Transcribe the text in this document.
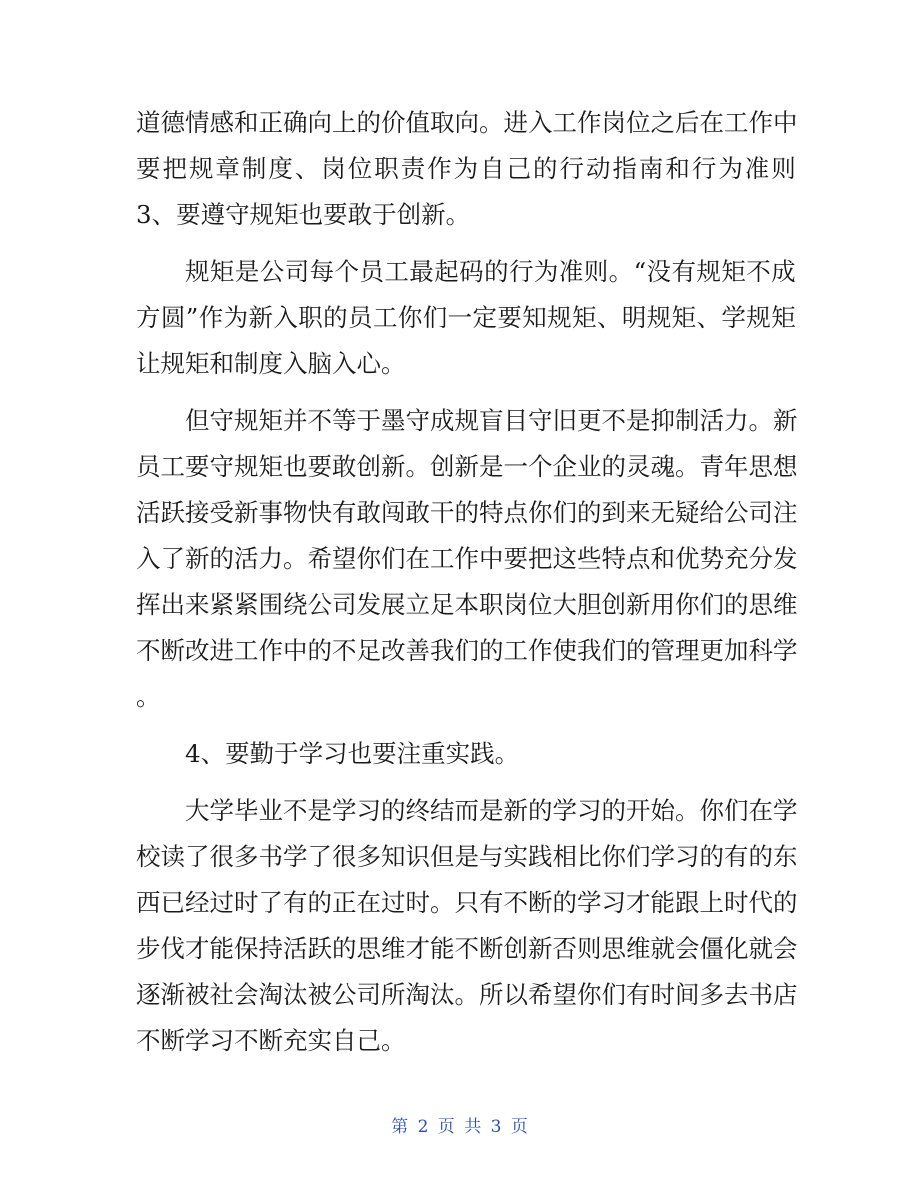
道 德 情 感 和 正 确 向 上 的 价 值 取 向 。 进 入 工 作 岗 位 之 后 在 工 作 中
要 把 规 章 制 度 、 岗 位 职 责 作 为 自 己 的 行 动 指 南 和 行 为 准 则
3 、 要 遵 守 规 矩 也 要 敢 于 创 新 。
规 矩 是 公 司 每 个 员 工 最 起 码 的 行 为 准 则 。 “ 没 有 规 矩 不 成
方 圆 ” 作 为 新 入 职 的 员 工 你 们 一 定 要 知 规 矩 、 明 规 矩 、 学 规 矩
让 规 矩 和 制 度 入 脑 入 心 。
但 守 规 矩 并 不 等 于 墨 守 成 规 盲 目 守 旧 更 不 是 抑 制 活 力 。 新
员 工 要 守 规 矩 也 要 敢 创 新 。 创 新 是 一 个 企 业 的 灵 魂 。 青 年 思 想
活 跃 接 受 新 事 物 快 有 敢 闯 敢 干 的 特 点 你 们 的 到 来 无 疑 给 公 司 注
入 了 新 的 活 力 。 希 望 你 们 在 工 作 中 要 把 这 些 特 点 和 优 势 充 分 发
挥 出 来 紧 紧 围 绕 公 司 发 展 立 足 本 职 岗 位 大 胆 创 新 用 你 们 的 思 维
不 断 改 进 工 作 中 的 不 足 改 善 我 们 的 工 作 使 我 们 的 管 理 更 加 科 学
。
4 、 要 勤 于 学 习 也 要 注 重 实 践 。
大 学 毕 业 不 是 学 习 的 终 结 而 是 新 的 学 习 的 开 始 。 你 们 在 学
校 读 了 很 多 书 学 了 很 多 知 识 但 是 与 实 践 相 比 你 们 学 习 的 有 的 东
西 已 经 过 时 了 有 的 正 在 过 时 。 只 有 不 断 的 学 习 才 能 跟 上 时 代 的
步 伐 才 能 保 持 活 跃 的 思 维 才 能 不 断 创 新 否 则 思 维 就 会 僵 化 就 会
逐 渐 被 社 会 淘 汰 被 公 司 所 淘 汰 。 所 以 希 望 你 们 有 时 间 多 去 书 店
不 断 学 习 不 断 充 实 自 己 。
第 2 页 共 3 页
